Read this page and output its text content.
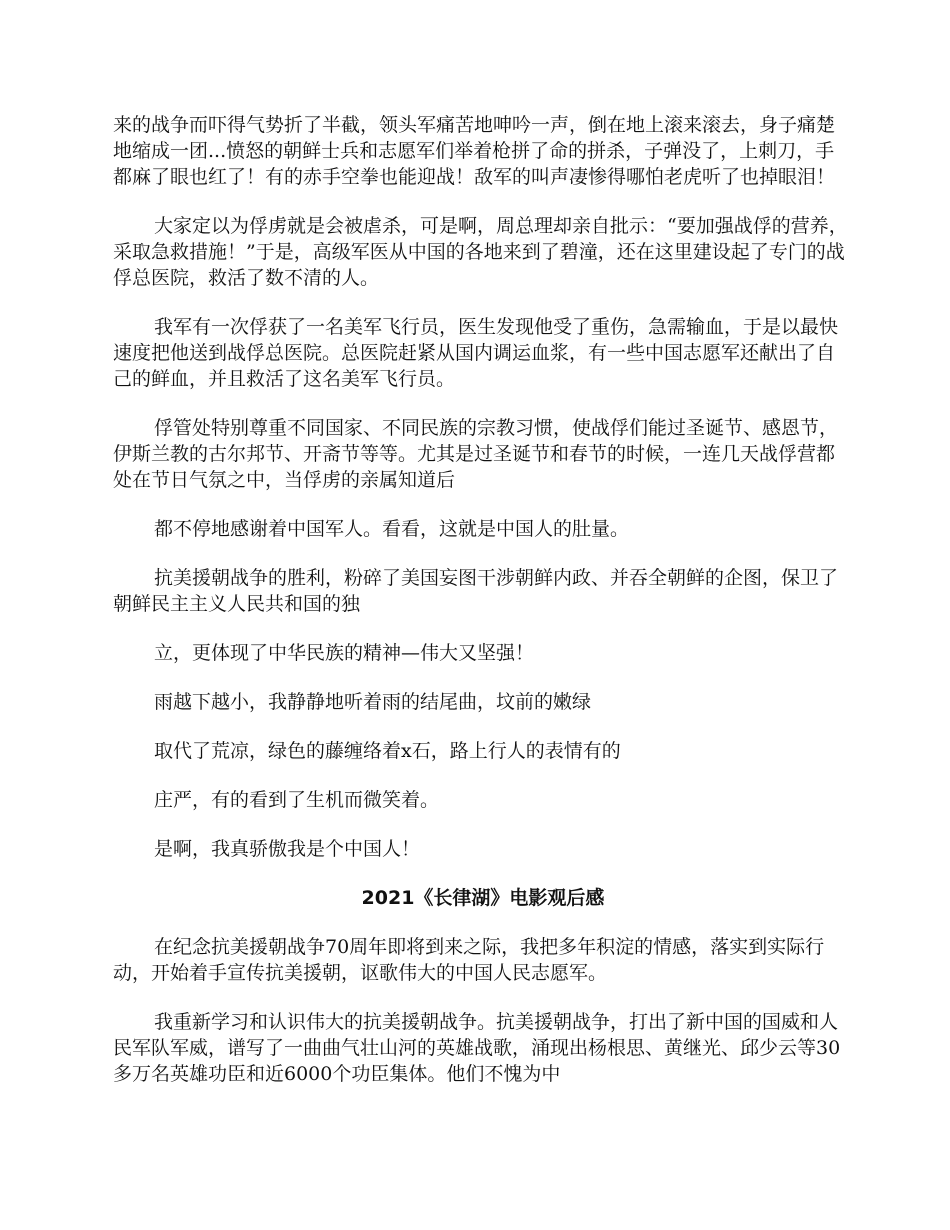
来的战争而吓得气势折了半截，领头军痛苦地呻吟一声，倒在地上滚来滚去，身子痛楚地缩成一团...愤怒的朝鲜士兵和志愿军们举着枪拼了命的拼杀，子弹没了，上刺刀，手都麻了眼也红了！有的赤手空拳也能迎战！敌军的叫声凄惨得哪怕老虎听了也掉眼泪！

大家定以为俘虏就是会被虐杀，可是啊，周总理却亲自批示：“要加强战俘的营养，采取急救措施！”于是，高级军医从中国的各地来到了碧潼，还在这里建设起了专门的战俘总医院，救活了数不清的人。

我军有一次俘获了一名美军飞行员，医生发现他受了重伤，急需输血，于是以最快速度把他送到战俘总医院。总医院赶紧从国内调运血浆，有一些中国志愿军还献出了自己的鲜血，并且救活了这名美军飞行员。

俘管处特别尊重不同国家、不同民族的宗教习惯，使战俘们能过圣诞节、感恩节，伊斯兰教的古尔邦节、开斋节等等。尤其是过圣诞节和春节的时候，一连几天战俘营都处在节日气氛之中，当俘虏的亲属知道后

都不停地感谢着中国军人。看看，这就是中国人的肚量。

抗美援朝战争的胜利，粉碎了美国妄图干涉朝鲜内政、并吞全朝鲜的企图，保卫了朝鲜民主主义人民共和国的独

立，更体现了中华民族的精神—伟大又坚强！

雨越下越小，我静静地听着雨的结尾曲，坟前的嫩绿

取代了荒凉，绿色的藤缠络着x石，路上行人的表情有的

庄严，有的看到了生机而微笑着。

是啊，我真骄傲我是个中国人！

2021《长律湖》电影观后感

在纪念抗美援朝战争70周年即将到来之际，我把多年积淀的情感，落实到实际行动，开始着手宣传抗美援朝，讴歌伟大的中国人民志愿军。

我重新学习和认识伟大的抗美援朝战争。抗美援朝战争，打出了新中国的国威和人民军队军威，谱写了一曲曲气壮山河的英雄战歌，涌现出杨根思、黄继光、邱少云等30多万名英雄功臣和近6000个功臣集体。他们不愧为中
